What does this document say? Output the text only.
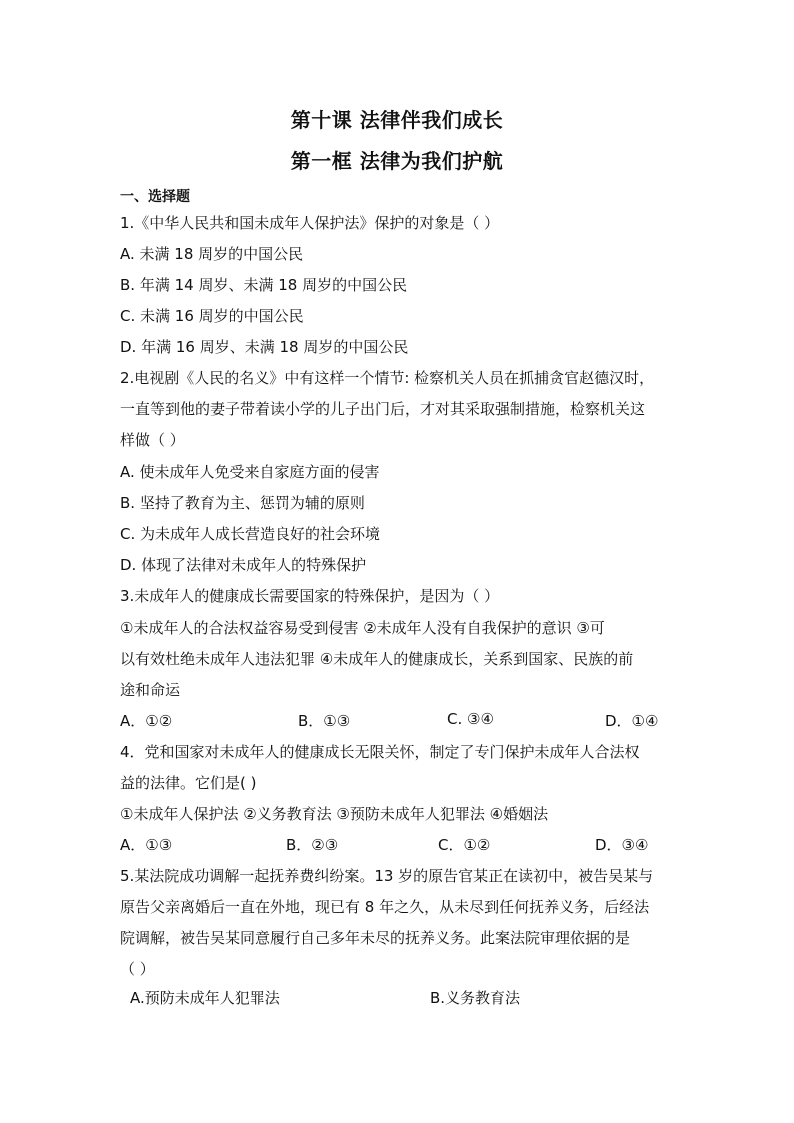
第十课 法律伴我们成长
第一框 法律为我们护航
一、选择题
1.《中华人民共和国未成年人保护法》保护的对象是（ ）
A. 未满 18 周岁的中国公民
B. 年满 14 周岁、未满 18 周岁的中国公民
C. 未满 16 周岁的中国公民
D. 年满 16 周岁、未满 18 周岁的中国公民
2.电视剧《人民的名义》中有这样一个情节: 检察机关人员在抓捕贪官赵德汉时，
一直等到他的妻子带着读小学的儿子出门后，才对其采取强制措施，检察机关这
样做（ ）
A. 使未成年人免受来自家庭方面的侵害
B. 坚持了教育为主、惩罚为辅的原则
C. 为未成年人成长营造良好的社会环境
D. 体现了法律对未成年人的特殊保护
3.未成年人的健康成长需要国家的特殊保护，是因为（ ）
①未成年人的合法权益容易受到侵害 ②未成年人没有自我保护的意识 ③可
以有效杜绝未成年人违法犯罪 ④未成年人的健康成长，关系到国家、民族的前
途和命运
A．①②	B．①③	C. ③④	D．①④
4．党和国家对未成年人的健康成长无限关怀，制定了专门保护未成年人合法权
益的法律。它们是( )
①未成年人保护法 ②义务教育法 ③预防未成年人犯罪法 ④婚姻法
A．①③	B．②③	C．①②	D．③④
5.某法院成功调解一起抚养费纠纷案。13 岁的原告官某正在读初中，被告吴某与
原告父亲离婚后一直在外地，现已有 8 年之久，从未尽到任何抚养义务，后经法
院调解，被告吴某同意履行自己多年未尽的抚养义务。此案法院审理依据的是
（ ）
A.预防未成年人犯罪法	B.义务教育法
